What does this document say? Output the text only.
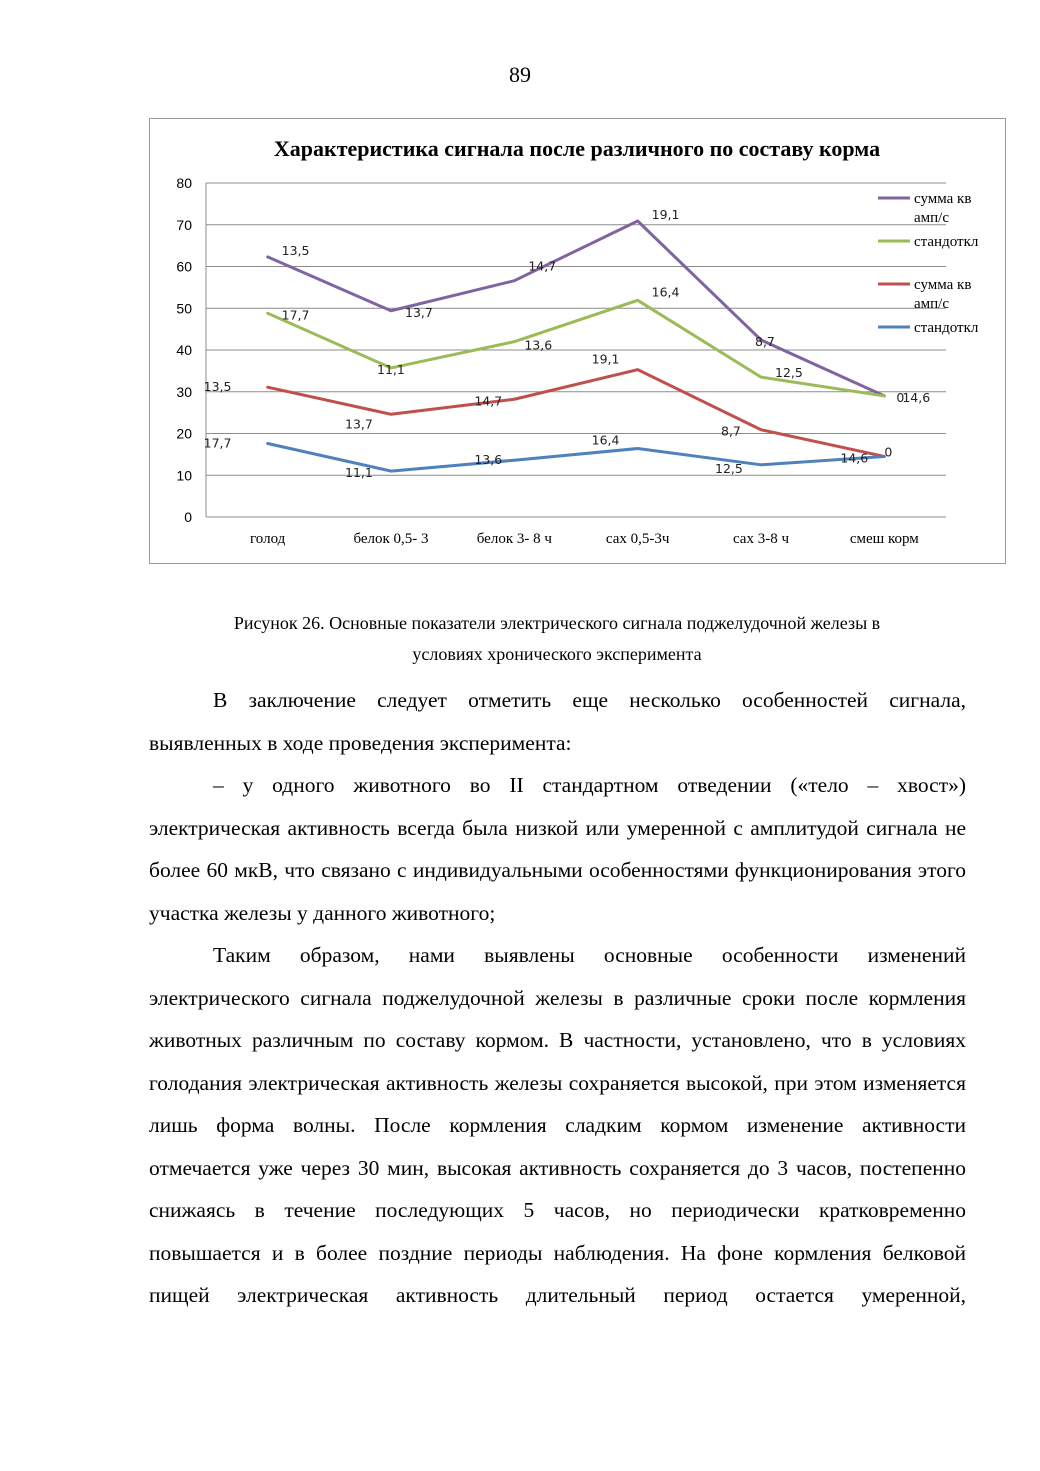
89
Характеристика сигнала после различного по составу корма
0
10
20
30
40
50
60
70
80
голод	белок 0,5- 3	белок 3- 8 ч	сах 0,5-3ч	сах 3-8 ч	смеш корм
13,5
13,7
14,7
19,1
8,7
0
17,7
11,1
13,6
16,4
12,5
14,6
13,5
13,7
14,7
19,1
8,7
0
17,7
11,1
13,6
16,4
12,5
14,6
сумма кв амп/с
стандоткл
сумма кв амп/с
стандоткл
Рисунок 26. Основные показатели электрического сигнала поджелудочной железы в
условиях хронического эксперимента

В заключение следует отметить еще несколько особенностей сигнала, выявленных в ходе проведения эксперимента:

– у одного животного во II стандартном отведении («тело – хвост») электрическая активность всегда была низкой или умеренной с амплитудой сигнала не более 60 мкВ, что связано с индивидуальными особенностями функционирования этого участка железы у данного животного;

Таким образом, нами выявлены основные особенности изменений электрического сигнала поджелудочной железы в различные сроки после кормления животных различным по составу кормом. В частности, установлено, что в условиях голодания электрическая активность железы сохраняется высокой, при этом изменяется лишь форма волны. После кормления сладким кормом изменение активности отмечается уже через 30 мин, высокая активность сохраняется до 3 часов, постепенно снижаясь в течение последующих 5 часов, но периодически кратковременно повышается и в более поздние периоды наблюдения. На фоне кормления белковой пищей электрическая активность длительный период остается умеренной,
